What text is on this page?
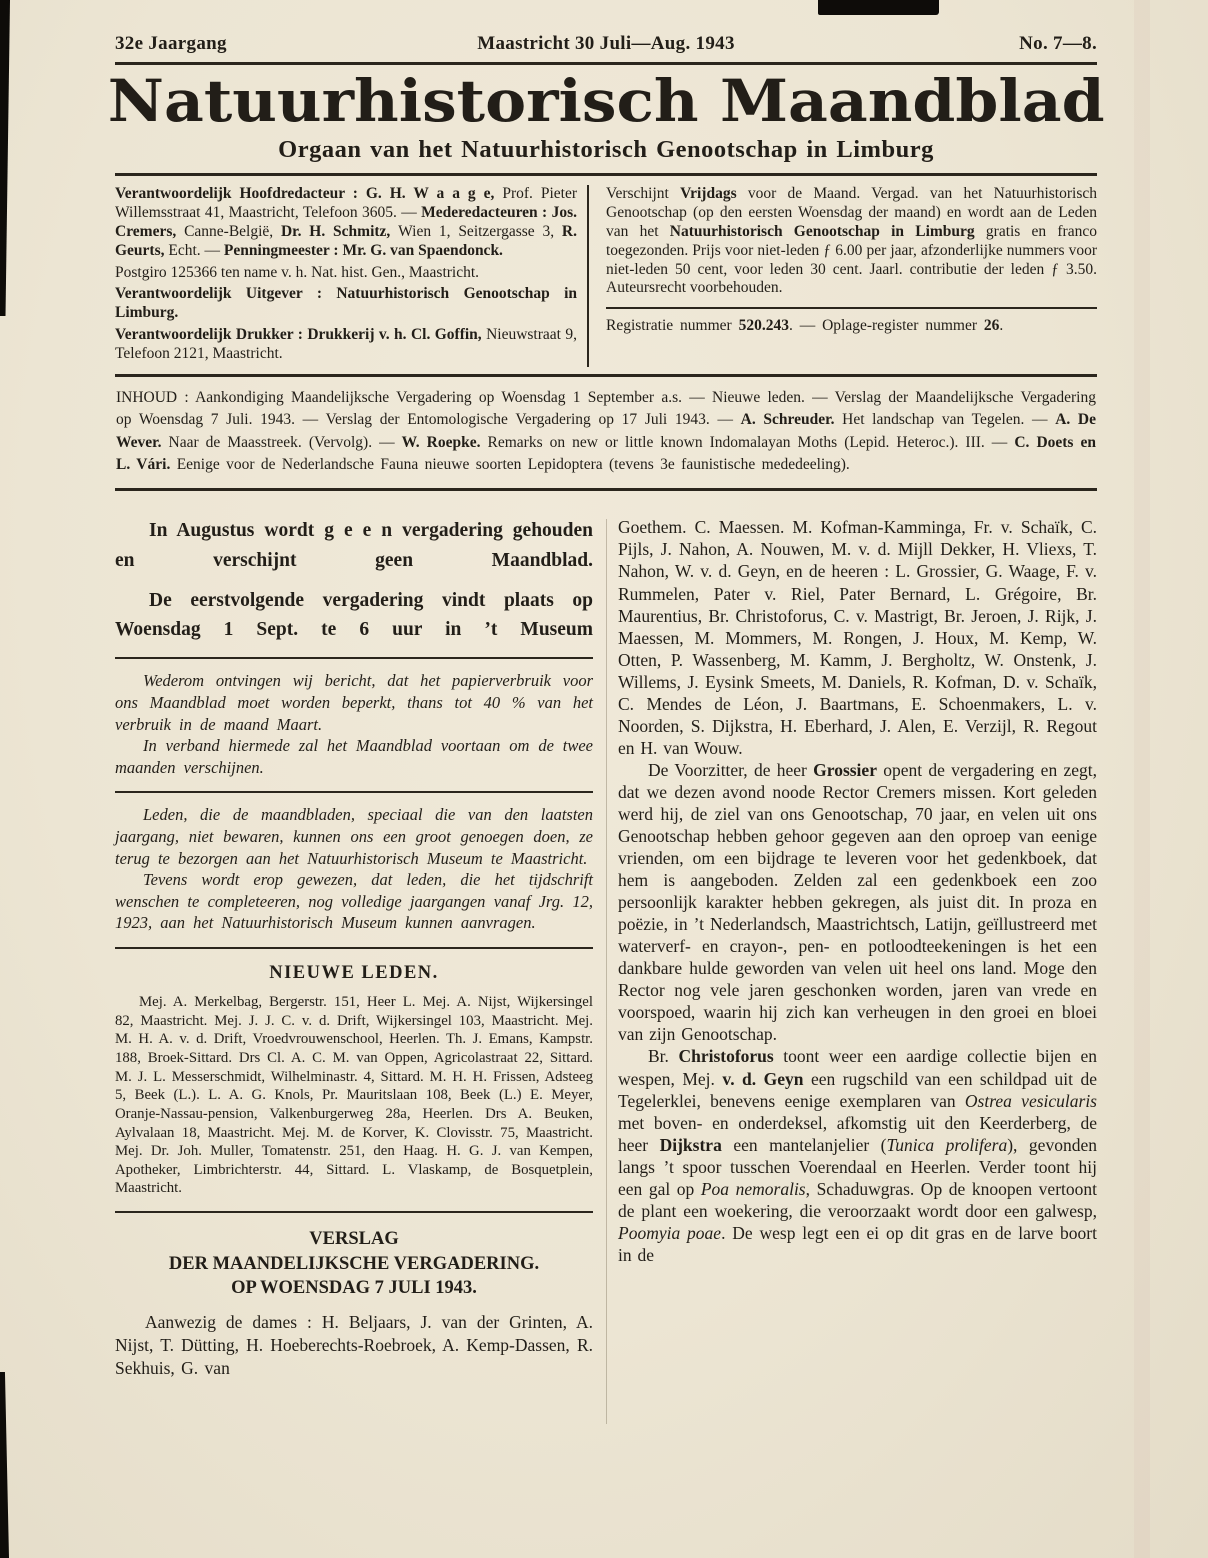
32e Jaargang	Maastricht 30 Juli—Aug. 1943	No. 7—8.
Natuurhistorisch Maandblad
Orgaan van het Natuurhistorisch Genootschap in Limburg

Verantwoordelijk Hoofdredacteur : G. H. W a a g e, Prof. Pieter Willemsstraat 41, Maastricht, Telefoon 3605. — Mederedacteuren : Jos. Cremers, Canne-België, Dr. H. Schmitz, Wien 1, Seitzergasse 3, R. Geurts, Echt. — Penningmeester : Mr. G. van Spaendonck.

Postgiro 125366 ten name v. h. Nat. hist. Gen., Maastricht.

Verantwoordelijk Uitgever : Natuurhistorisch Genootschap in Limburg.

Verantwoordelijk Drukker : Drukkerij v. h. Cl. Goffin, Nieuwstraat 9, Telefoon 2121, Maastricht.

Verschijnt Vrijdags voor de Maand. Vergad. van het Natuurhistorisch Genootschap (op den eersten Woensdag der maand) en wordt aan de Leden van het Natuurhistorisch Genootschap in Limburg gratis en franco toegezonden. Prijs voor niet-leden ƒ 6.00 per jaar, afzonderlijke nummers voor niet-leden 50 cent, voor leden 30 cent. Jaarl. contributie der leden ƒ 3.50. Auteursrecht voorbehouden.

Registratie nummer 520.243. — Oplage-register nummer 26.

INHOUD : Aankondiging Maandelijksche Vergadering op Woensdag 1 September a.s. — Nieuwe leden. — Verslag der Maandelijksche Vergadering op Woensdag 7 Juli. 1943. — Verslag der Entomologische Vergadering op 17 Juli 1943. — A. Schreuder. Het landschap van Tegelen. — A. De Wever. Naar de Maasstreek. (Vervolg). — W. Roepke. Remarks on new or little known Indomalayan Moths (Lepid. Heteroc.). III. — C. Doets en L. Vári. Eenige voor de Nederlandsche Fauna nieuwe soorten Lepidoptera (tevens 3e faunistische mededeeling).

In Augustus wordt g e e n vergadering gehouden en verschijnt geen Maandblad.

De eerstvolgende vergadering vindt plaats op Woensdag 1 Sept. te 6 uur in ’t Museum

Wederom ontvingen wij bericht, dat het papierverbruik voor ons Maandblad moet worden beperkt, thans tot 40 % van het verbruik in de maand Maart.

In verband hiermede zal het Maandblad voortaan om de twee maanden verschijnen.

Leden, die de maandbladen, speciaal die van den laatsten jaargang, niet bewaren, kunnen ons een groot genoegen doen, ze terug te bezorgen aan het Natuurhistorisch Museum te Maastricht.

Tevens wordt erop gewezen, dat leden, die het tijdschrift wenschen te completeeren, nog volledige jaargangen vanaf Jrg. 12, 1923, aan het Natuurhistorisch Museum kunnen aanvragen.

NIEUWE LEDEN.

Mej. A. Merkelbag, Bergerstr. 151, Heer L. Mej. A. Nijst, Wijkersingel 82, Maastricht. Mej. J. J. C. v. d. Drift, Wijkersingel 103, Maastricht. Mej. M. H. A. v. d. Drift, Vroedvrouwenschool, Heerlen. Th. J. Emans, Kampstr. 188, Broek-Sittard. Drs Cl. A. C. M. van Oppen, Agricolastraat 22, Sittard. M. J. L. Messerschmidt, Wilhelminastr. 4, Sittard. M. H. H. Frissen, Adsteeg 5, Beek (L.). L. A. G. Knols, Pr. Mauritslaan 108, Beek (L.) E. Meyer, Oranje-Nassau-pension, Valkenburgerweg 28a, Heerlen. Drs A. Beuken, Aylvalaan 18, Maastricht. Mej. M. de Korver, K. Clovisstr. 75, Maastricht. Mej. Dr. Joh. Muller, Tomatenstr. 251, den Haag. H. G. J. van Kempen, Apotheker, Limbrichterstr. 44, Sittard. L. Vlaskamp, de Bosquetplein, Maastricht.

VERSLAG
DER MAANDELIJKSCHE VERGADERING.
OP WOENSDAG 7 JULI 1943.

Aanwezig de dames : H. Beljaars, J. van der Grinten, A. Nijst, T. Dütting, H. Hoeberechts-Roebroek, A. Kemp-Dassen, R. Sekhuis, G. van

Goethem. C. Maessen. M. Kofman-Kamminga, Fr. v. Schaïk, C. Pijls, J. Nahon, A. Nouwen, M. v. d. Mijll Dekker, H. Vliexs, T. Nahon, W. v. d. Geyn, en de heeren : L. Grossier, G. Waage, F. v. Rummelen, Pater v. Riel, Pater Bernard, L. Grégoire, Br. Maurentius, Br. Christoforus, C. v. Mastrigt, Br. Jeroen, J. Rijk, J. Maessen, M. Mommers, M. Rongen, J. Houx, M. Kemp, W. Otten, P. Wassenberg, M. Kamm, J. Bergholtz, W. Onstenk, J. Willems, J. Eysink Smeets, M. Daniels, R. Kofman, D. v. Schaïk, C. Mendes de Léon, J. Baartmans, E. Schoenmakers, L. v. Noorden, S. Dijkstra, H. Eberhard, J. Alen, E. Verzijl, R. Regout en H. van Wouw.

De Voorzitter, de heer Grossier opent de vergadering en zegt, dat we dezen avond noode Rector Cremers missen. Kort geleden werd hij, de ziel van ons Genootschap, 70 jaar, en velen uit ons Genootschap hebben gehoor gegeven aan den oproep van eenige vrienden, om een bijdrage te leveren voor het gedenkboek, dat hem is aangeboden. Zelden zal een gedenkboek een zoo persoonlijk karakter hebben gekregen, als juist dit. In proza en poëzie, in ’t Nederlandsch, Maastrichtsch, Latijn, geïllustreerd met waterverf- en crayon-, pen- en potloodteekeningen is het een dankbare hulde geworden van velen uit heel ons land. Moge den Rector nog vele jaren geschonken worden, jaren van vrede en voorspoed, waarin hij zich kan verheugen in den groei en bloei van zijn Genootschap.

Br. Christoforus toont weer een aardige collectie bijen en wespen, Mej. v. d. Geyn een rugschild van een schildpad uit de Tegelerklei, benevens eenige exemplaren van Ostrea vesicularis met boven- en onderdeksel, afkomstig uit den Keerderberg, de heer Dijkstra een mantelanjelier (Tunica prolifera), gevonden langs ’t spoor tusschen Voerendaal en Heerlen. Verder toont hij een gal op Poa nemoralis, Schaduwgras. Op de knoopen vertoont de plant een woekering, die veroorzaakt wordt door een galwesp, Poomyia poae. De wesp legt een ei op dit gras en de larve boort in de
